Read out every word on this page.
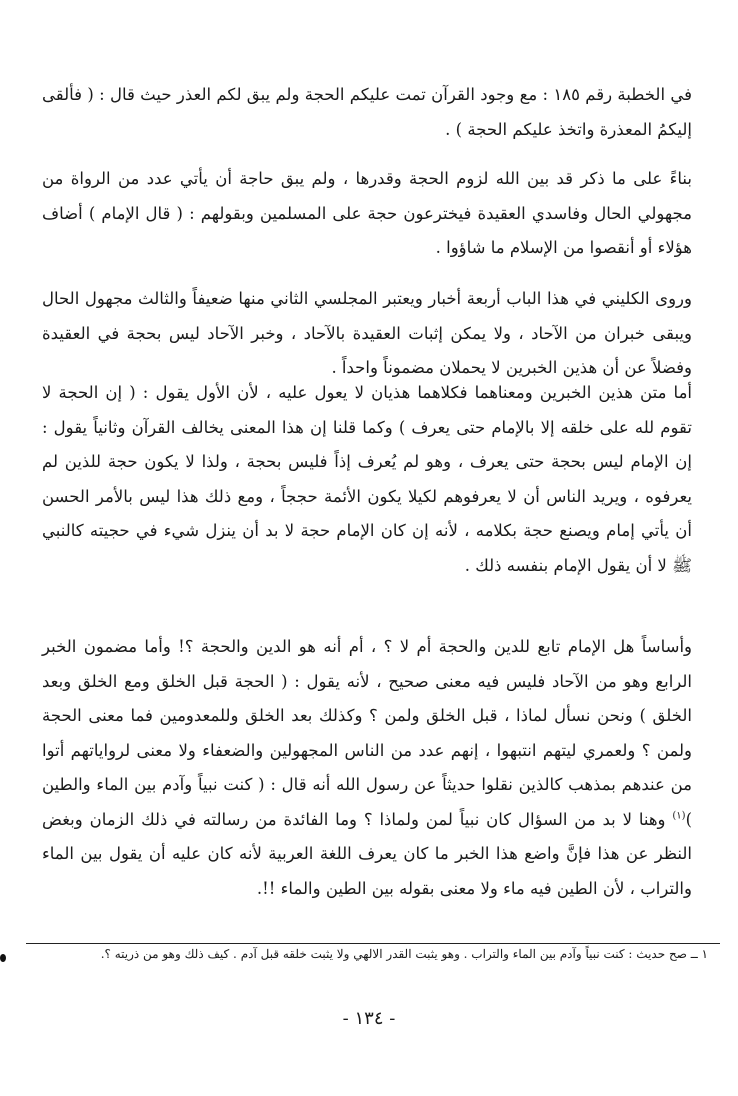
في الخطبة رقم ١٨٥ : مع وجود القرآن تمت عليكم الحجة ولم يبق لكم العذر حيث قال : ( فألقى إليكمُ المعذرة واتخذ عليكم الحجة ) .
بناءً على ما ذكر قد بين الله لزوم الحجة وقدرها ، ولم يبق حاجة أن يأتي عدد من الرواة من مجهولي الحال وفاسدي العقيدة فيخترعون حجة على المسلمين وبقولهم : ( قال الإمام ) أضاف هؤلاء أو أنقصوا من الإسلام ما شاؤوا .
وروى الكليني في هذا الباب أربعة أخبار ويعتبر المجلسي الثاني منها ضعيفاً والثالث مجهول الحال ويبقى خبران من الآحاد ، ولا يمكن إثبات العقيدة بالآحاد ، وخبر الآحاد ليس بحجة في العقيدة وفضلاً عن أن هذين الخبرين لا يحملان مضموناً واحداً .
أما متن هذين الخبرين ومعناهما فكلاهما هذيان لا يعول عليه ، لأن الأول يقول : ( إن الحجة لا تقوم لله على خلقه إلا بالإمام حتى يعرف ) وكما قلنا إن هذا المعنى يخالف القرآن وثانياً يقول : إن الإمام ليس بحجة حتى يعرف ، وهو لم يُعرف إذاً فليس بحجة ، ولذا لا يكون حجة للذين لم يعرفوه ، ويريد الناس أن لا يعرفوهم لكيلا يكون الأئمة حججاً ، ومع ذلك هذا ليس بالأمر الحسن أن يأتي إمام ويصنع حجة بكلامه ، لأنه إن كان الإمام حجة لا بد أن ينزل شيء في حجيته كالنبي ﷺ لا أن يقول الإمام بنفسه ذلك .
وأساساً هل الإمام تابع للدين والحجة أم لا ؟ ، أم أنه هو الدين والحجة ؟! وأما مضمون الخبر الرابع وهو من الآحاد فليس فيه معنى صحيح ، لأنه يقول : ( الحجة قبل الخلق ومع الخلق وبعد الخلق ) ونحن نسأل لماذا ، قبل الخلق ولمن ؟ وكذلك بعد الخلق وللمعدومين فما معنى الحجة ولمن ؟ ولعمري ليتهم انتبهوا ، إنهم عدد من الناس المجهولين والضعفاء ولا معنى لرواياتهم أتوا من عندهم بمذهب كالذين نقلوا حديثاً عن رسول الله أنه قال : ( كنت نبياً وآدم بين الماء والطين )$^{(١)}$ وهنا لا بد من السؤال كان نبياً لمن ولماذا ؟ وما الفائدة من رسالته في ذلك الزمان وبغض النظر عن هذا فإنَّ واضع هذا الخبر ما كان يعرف اللغة العربية لأنه كان عليه أن يقول بين الماء والتراب ، لأن الطين فيه ماء ولا معنى بقوله بين الطين والماء !!.
١ ــ صح حديث : كنت نبياً وآدم بين الماء والتراب . وهو يثبت القدر الالهي ولا يثبت خلقه قبل آدم . كيف ذلك وهو من ذريته ؟.
- ١٣٤ -
